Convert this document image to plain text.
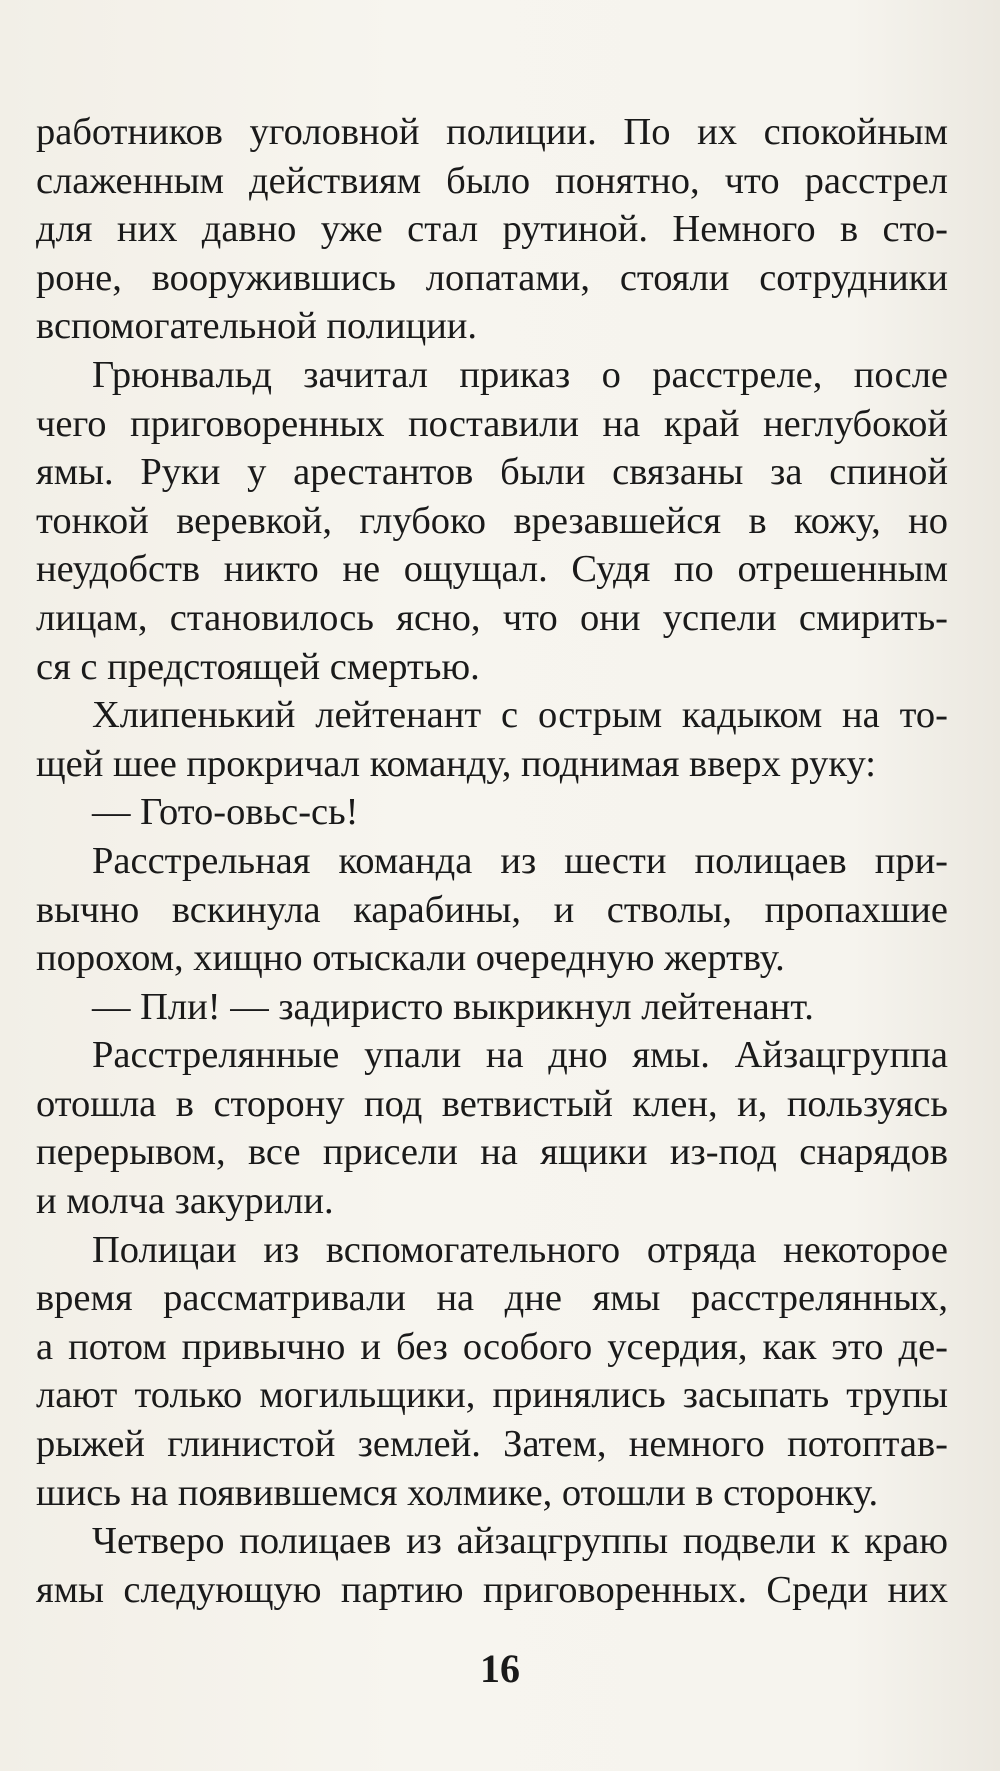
работников уголовной полиции. По их спокойным
слаженным действиям было понятно, что расстрел
для них давно уже стал рутиной. Немного в сто-
роне, вооружившись лопатами, стояли сотрудники
вспомогательной полиции.
Грюнвальд зачитал приказ о расстреле, после
чего приговоренных поставили на край неглубокой
ямы. Руки у арестантов были связаны за спиной
тонкой веревкой, глубоко врезавшейся в кожу, но
неудобств никто не ощущал. Судя по отрешенным
лицам, становилось ясно, что они успели смирить-
ся с предстоящей смертью.
Хлипенький лейтенант с острым кадыком на то-
щей шее прокричал команду, поднимая вверх руку:
— Гото-овьс-сь!
Расстрельная команда из шести полицаев при-
вычно вскинула карабины, и стволы, пропахшие
порохом, хищно отыскали очередную жертву.
— Пли! — задиристо выкрикнул лейтенант.
Расстрелянные упали на дно ямы. Айзацгруппа
отошла в сторону под ветвистый клен, и, пользуясь
перерывом, все присели на ящики из-под снарядов
и молча закурили.
Полицаи из вспомогательного отряда некоторое
время рассматривали на дне ямы расстрелянных,
а потом привычно и без особого усердия, как это де-
лают только могильщики, принялись засыпать трупы
рыжей глинистой землей. Затем, немного потоптав-
шись на появившемся холмике, отошли в сторонку.
Четверо полицаев из айзацгруппы подвели к краю
ямы следующую партию приговоренных. Среди них
16
